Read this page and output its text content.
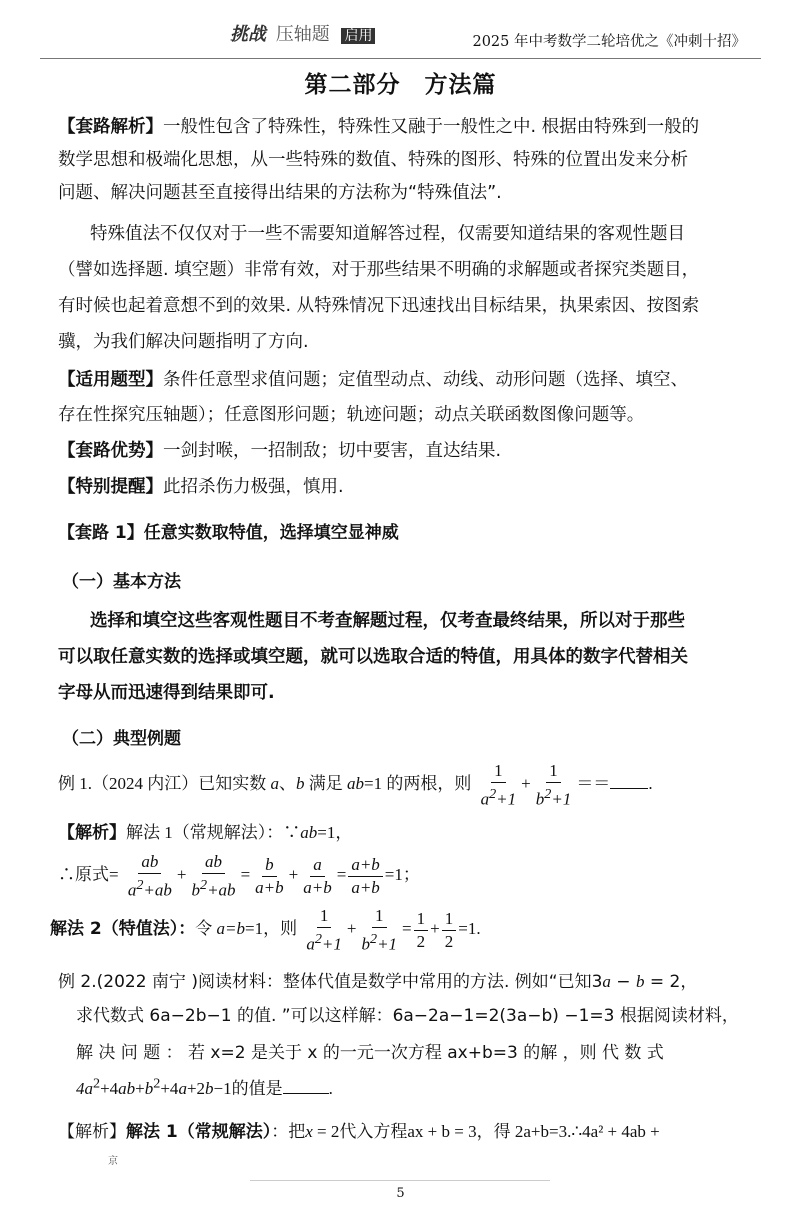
挑战 压轴题 启用	2025 年中考数学二轮培优之《冲刺十招》
第二部分　方法篇
【套路解析】一般性包含了特殊性，特殊性又融于一般性之中. 根据由特殊到一般的
数学思想和极端化思想，从一些特殊的数值、特殊的图形、特殊的位置出发来分析
问题、解决问题甚至直接得出结果的方法称为“特殊值法”.
特殊值法不仅仅对于一些不需要知道解答过程，仅需要知道结果的客观性题目
（譬如选择题. 填空题）非常有效，对于那些结果不明确的求解题或者探究类题目，
有时候也起着意想不到的效果. 从特殊情况下迅速找出目标结果，执果索因、按图索
骥，为我们解决问题指明了方向.
【适用题型】条件任意型求值问题；定值型动点、动线、动形问题（选择、填空、
存在性探究压轴题）；任意图形问题；轨迹问题；动点关联函数图像问题等。
【套路优势】一剑封喉，一招制敌；切中要害，直达结果.
【特别提醒】此招杀伤力极强，慎用.
【套路 1】任意实数取特值，选择填空显神威
（一）基本方法
选择和填空这些客观性题目不考查解题过程，仅考查最终结果，所以对于那些
可以取任意实数的选择或填空题，就可以选取合适的特值，用具体的数字代替相关
字母从而迅速得到结果即可.
（二）典型例题
例 1.（2024 内江）已知实数 a、b 满足 ab=1 的两根，则 $\frac{1}{a^2+1} + \frac{1}{b^2+1}$ ＝＝ .
【解析】解法 1（常规解法）：∵ab=1，
∴原式= $\frac{ab}{a^2+ab} + \frac{ab}{b^2+ab} = \frac{b}{a+b} + \frac{a}{a+b} = \frac{a+b}{a+b} =1$；
解法 2（特值法）：令 a=b=1，则 $\frac{1}{a^2+1} + \frac{1}{b^2+1} = \frac{1}{2} + \frac{1}{2} =1$.
例 2.(2022 南宁 )阅读材料：整体代值是数学中常用的方法. 例如“已知3a − b = 2，
求代数式 6a−2b−1 的值. ”可以这样解：6a−2a−1=2(3a−b) −1=3 根据阅读材料，
解 决 问 题 ： 若 x=2 是关于 x 的一元一次方程 ax+b=3 的解 ，则 代 数 式
$4a^2+4ab+b^2+4a+2b-1$的值是	.
【解析】解法 1（常规解法）：把x = 2代入方程ax + b = 3，得 2a+b=3.∴4a² + 4ab +
京
5
